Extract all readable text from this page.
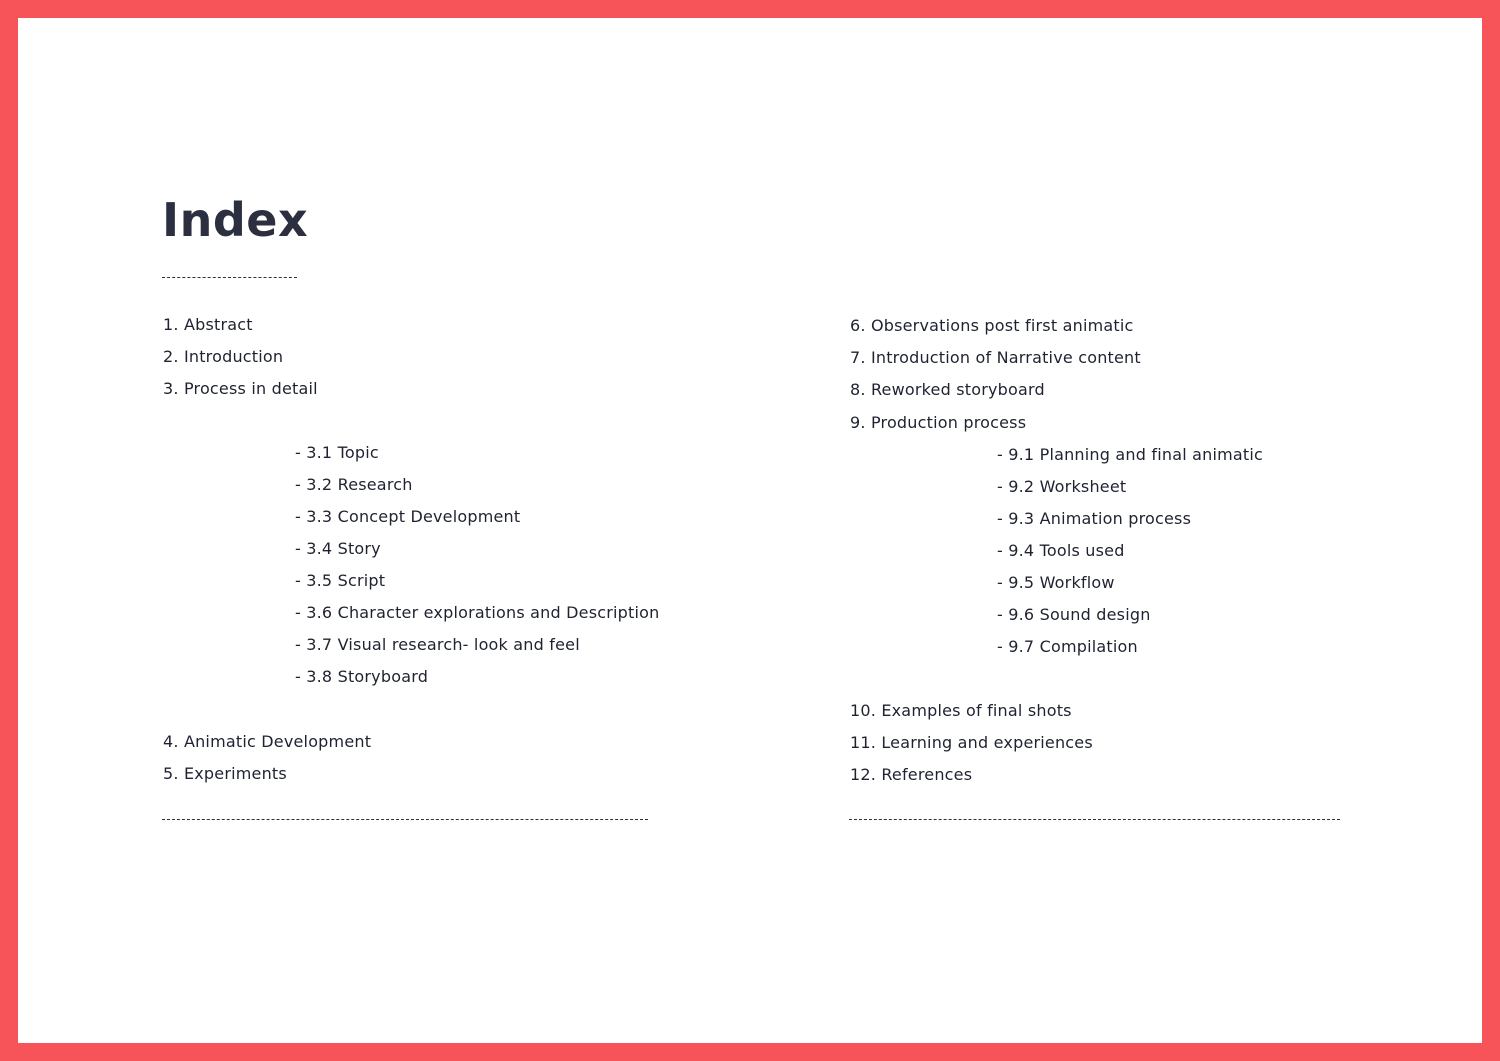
Index
1. Abstract
2. Introduction
3. Process in detail
- 3.1 Topic
- 3.2 Research
- 3.3 Concept Development
- 3.4 Story
- 3.5 Script
- 3.6 Character explorations and Description
- 3.7 Visual research- look and feel
- 3.8 Storyboard
4. Animatic Development
5. Experiments
6. Observations post first animatic
7. Introduction of Narrative content
8. Reworked storyboard
9. Production process
- 9.1 Planning and final animatic
- 9.2 Worksheet
- 9.3 Animation process
- 9.4 Tools used
- 9.5 Workflow
- 9.6 Sound design
- 9.7 Compilation
10. Examples of final shots
11. Learning and experiences
12. References
